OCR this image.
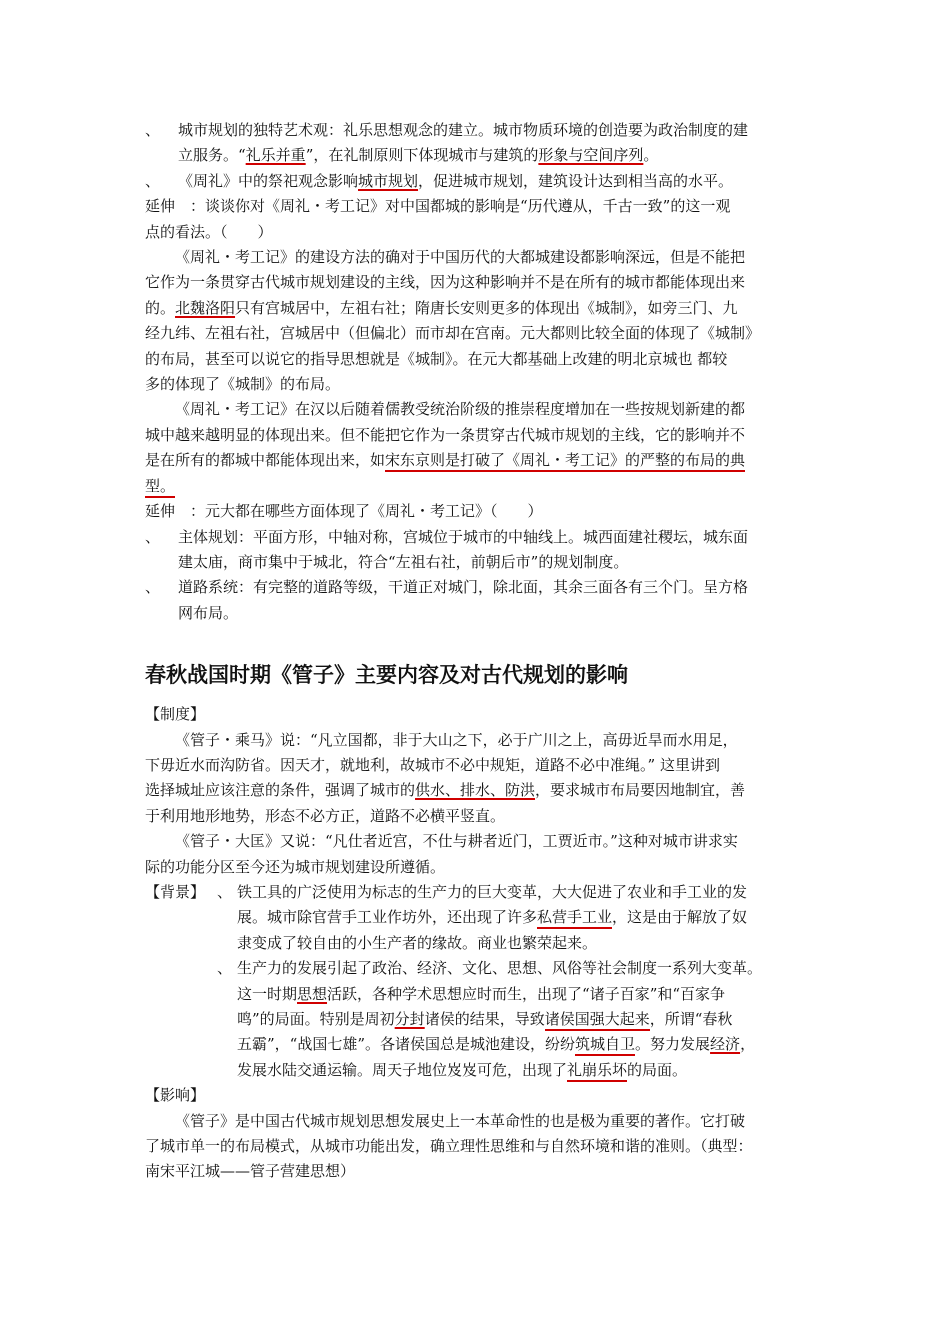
、 城市规划的独特艺术观：礼乐思想观念的建立。城市物质环境的创造要为政治制度的建
立服务。“礼乐并重”，在礼制原则下体现城市与建筑的形象与空间序列。
、 《周礼》中的祭祀观念影响城市规划，促进城市规划，建筑设计达到相当高的水平。
延伸　：谈谈你对《周礼・考工记》对中国都城的影响是“历代遵从，千古一致”的这一观
点的看法。（　　）
《周礼・考工记》的建设方法的确对于中国历代的大都城建设都影响深远，但是不能把
它作为一条贯穿古代城市规划建设的主线，因为这种影响并不是在所有的城市都能体现出来
的。北魏洛阳只有宫城居中，左祖右社；隋唐长安则更多的体现出《城制》，如旁三门、九
经九纬、左祖右社，宫城居中（但偏北）而市却在宫南。元大都则比较全面的体现了《城制》
的布局，甚至可以说它的指导思想就是《城制》。在元大都基础上改建的明北京城也 都较
多的体现了《城制》的布局。
《周礼・考工记》在汉以后随着儒教受统治阶级的推崇程度增加在一些按规划新建的都
城中越来越明显的体现出来。但不能把它作为一条贯穿古代城市规划的主线，它的影响并不
是在所有的都城中都能体现出来，如宋东京则是打破了《周礼・考工记》的严整的布局的典
型。
延伸　：元大都在哪些方面体现了《周礼・考工记》（　　）
、 主体规划：平面方形，中轴对称，宫城位于城市的中轴线上。城西面建社稷坛，城东面
建太庙，商市集中于城北，符合“左祖右社，前朝后市”的规划制度。
、 道路系统：有完整的道路等级，干道正对城门，除北面，其余三面各有三个门。呈方格
网布局。
春秋战国时期《管子》主要内容及对古代规划的影响
【制度】
《管子・乘马》说：“凡立国都，非于大山之下，必于广川之上，高毋近旱而水用足，
下毋近水而沟防省。因天才，就地利，故城市不必中规矩，道路不必中准绳。” 这里讲到
选择城址应该注意的条件，强调了城市的供水、排水、防洪，要求城市布局要因地制宜，善
于利用地形地势，形态不必方正，道路不必横平竖直。
《管子・大匡》又说：“凡仕者近宫，不仕与耕者近门，工贾近市。”这种对城市讲求实
际的功能分区至今还为城市规划建设所遵循。
【背景】 、 铁工具的广泛使用为标志的生产力的巨大变革，大大促进了农业和手工业的发
展。城市除官营手工业作坊外，还出现了许多私营手工业，这是由于解放了奴
隶变成了较自由的小生产者的缘故。商业也繁荣起来。
、 生产力的发展引起了政治、经济、文化、思想、风俗等社会制度一系列大变革。
这一时期思想活跃，各种学术思想应时而生，出现了“诸子百家”和“百家争
鸣”的局面。特别是周初分封诸侯的结果，导致诸侯国强大起来，所谓“春秋
五霸”，“战国七雄”。各诸侯国总是城池建设，纷纷筑城自卫。努力发展经济，
发展水陆交通运输。周天子地位岌岌可危，出现了礼崩乐坏的局面。
【影响】
《管子》是中国古代城市规划思想发展史上一本革命性的也是极为重要的著作。它打破
了城市单一的布局模式，从城市功能出发，确立理性思维和与自然环境和谐的准则。（典型：
南宋平江城——管子营建思想）
